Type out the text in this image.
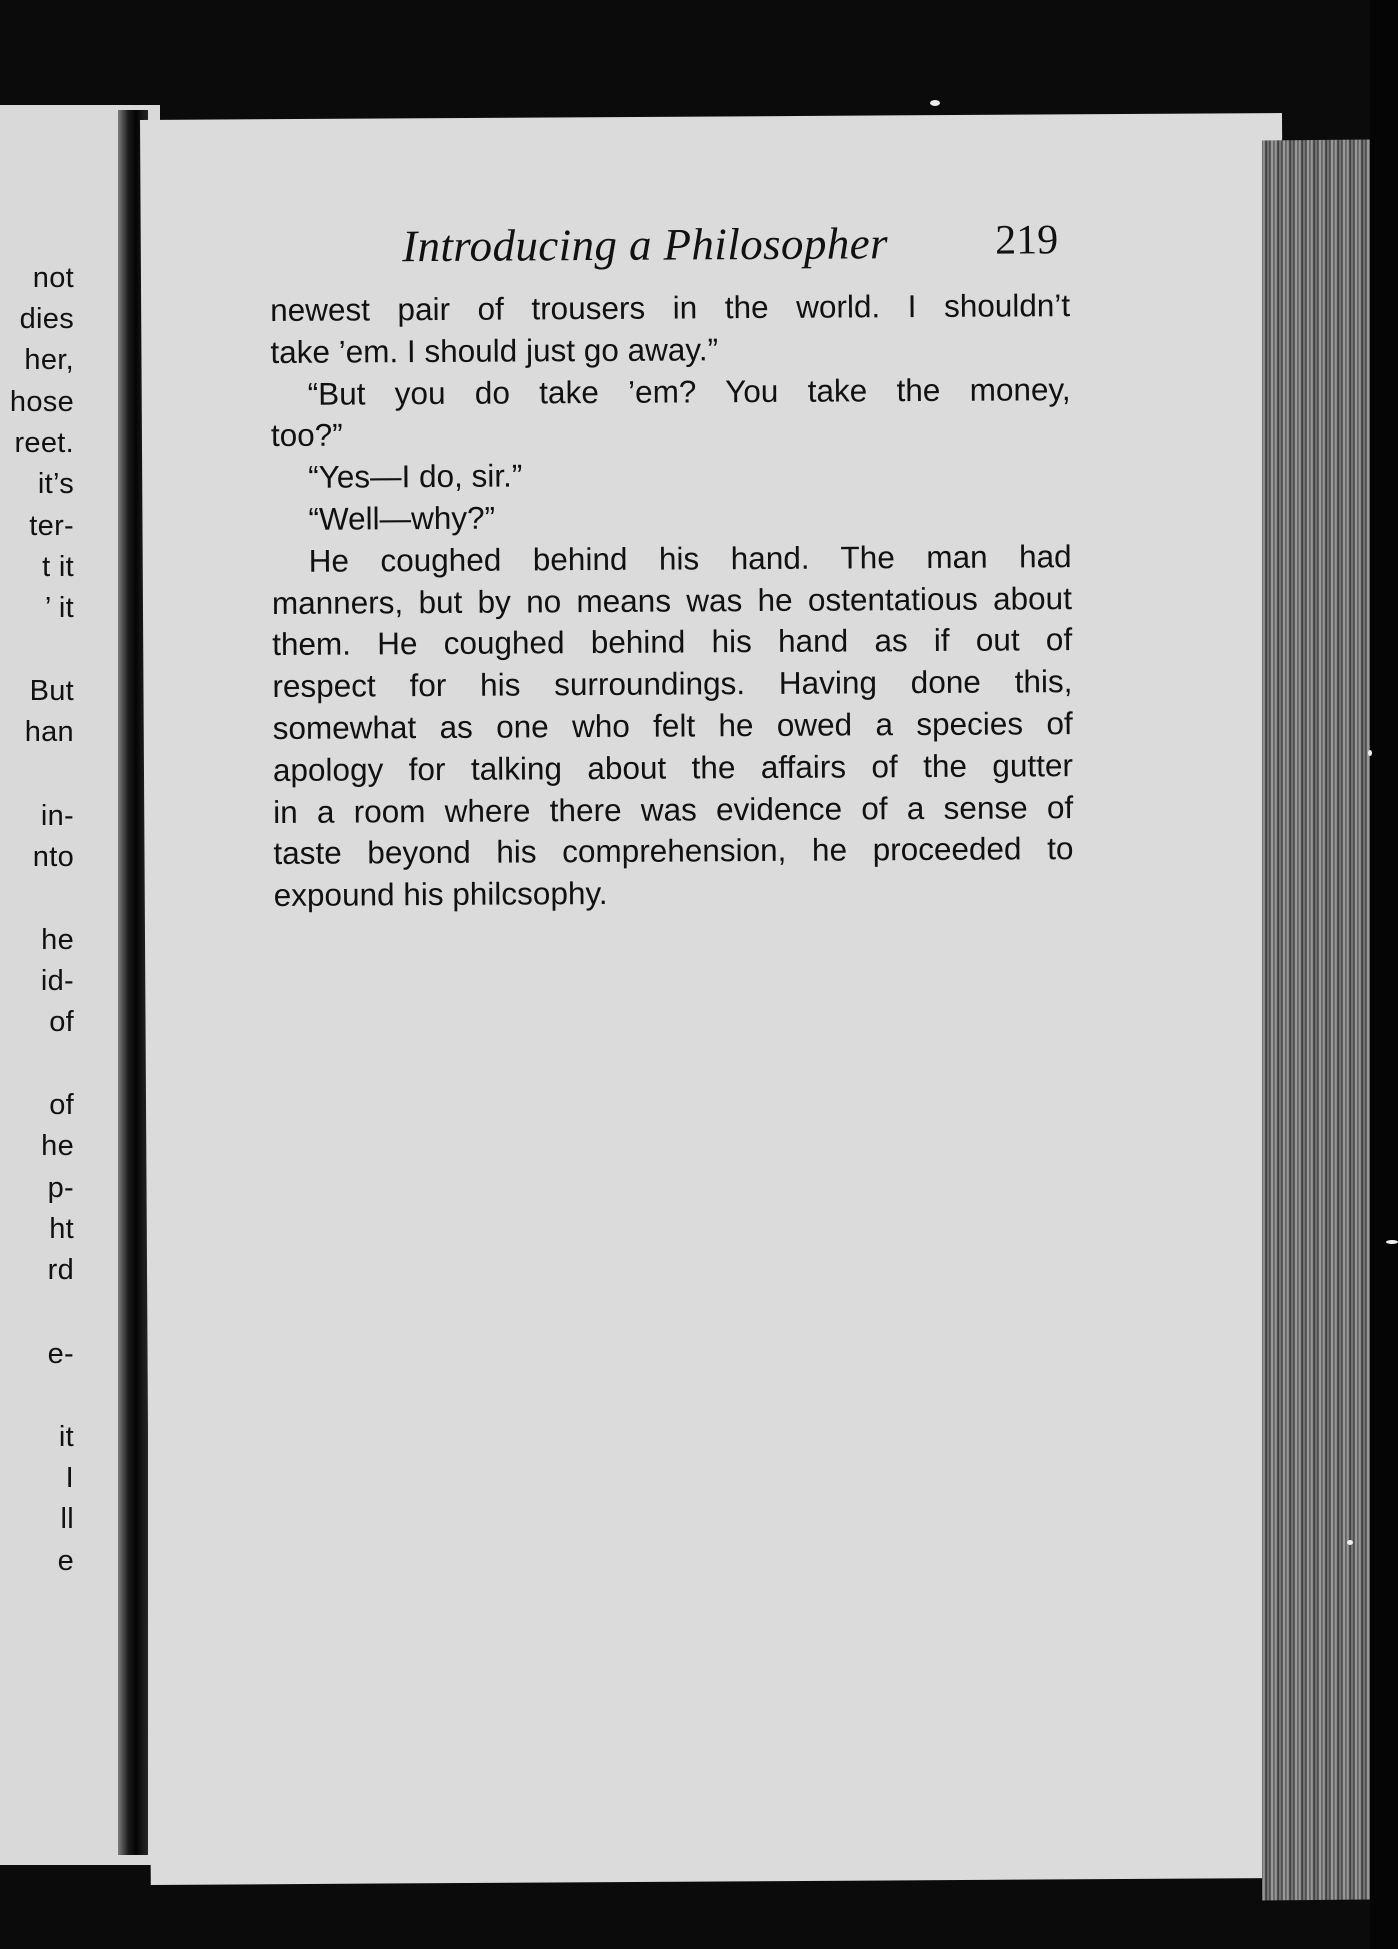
not
dies
her,
hose
reet.
it’s
ter-
t it
’ it
But
han
in-
nto
he
id-
of
of
he
p-
ht
rd
e-
it
I
ll
e
Introducing a Philosopher	219
newest pair of trousers in the world. I shouldn’t
take ’em. I should just go away.”
“But you do take ’em? You take the money,
too?”
“Yes—I do, sir.”
“Well—why?”
He coughed behind his hand. The man had
manners, but by no means was he ostentatious about
them. He coughed behind his hand as if out of
respect for his surroundings. Having done this,
somewhat as one who felt he owed a species of
apology for talking about the affairs of the gutter
in a room where there was evidence of a sense of
taste beyond his comprehension, he proceeded to
expound his philcsophy.
